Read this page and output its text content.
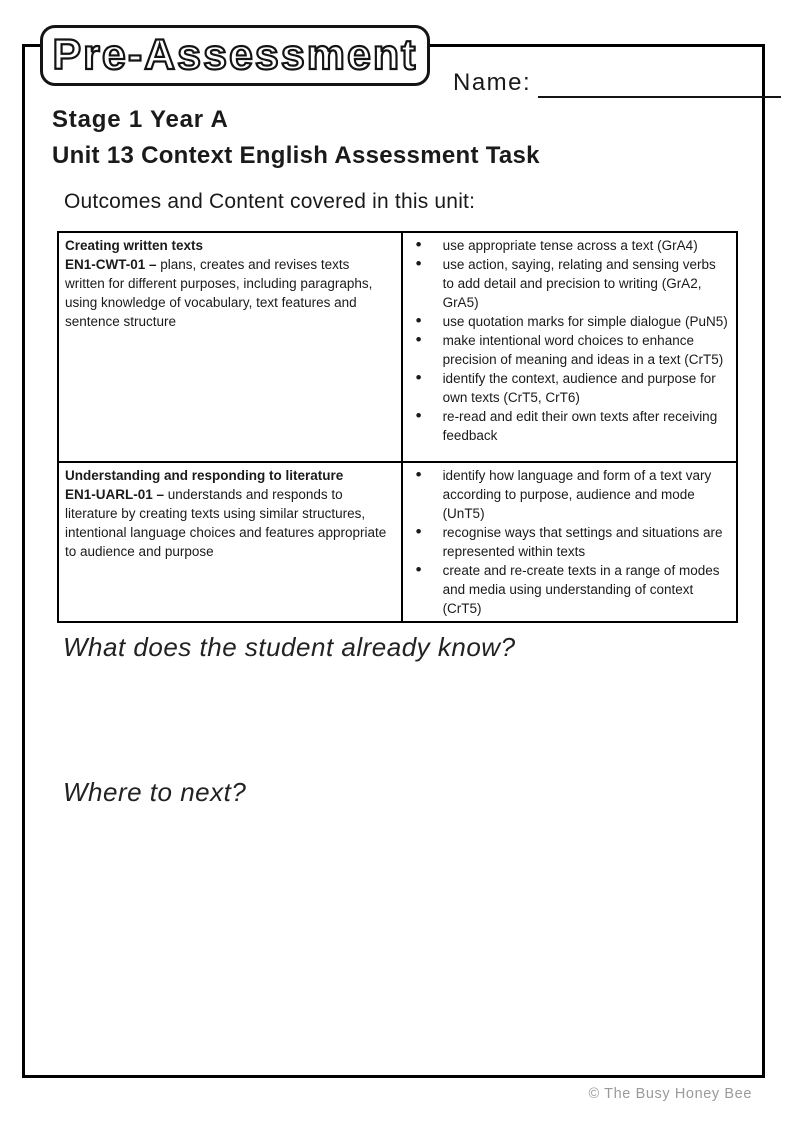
Pre-Assessment
Name:
Stage 1 Year A
Unit 13 Context English Assessment Task
Outcomes and Content covered in this unit:
Creating written texts
EN1-CWT-01 – plans, creates and revises texts written for different purposes, including paragraphs, using knowledge of vocabulary, text features and sentence structure

• use appropriate tense across a text (GrA4)
• use action, saying, relating and sensing verbs to add detail and precision to writing (GrA2, GrA5)
• use quotation marks for simple dialogue (PuN5)
• make intentional word choices to enhance precision of meaning and ideas in a text (CrT5)
• identify the context, audience and purpose for own texts (CrT5, CrT6)
• re-read and edit their own texts after receiving feedback

Understanding and responding to literature
EN1-UARL-01 – understands and responds to literature by creating texts using similar structures, intentional language choices and features appropriate to audience and purpose

• identify how language and form of a text vary according to purpose, audience and mode (UnT5)
• recognise ways that settings and situations are represented within texts
• create and re-create texts in a range of modes and media using understanding of context (CrT5)
What does the student already know?
Where to next?
© The Busy Honey Bee
